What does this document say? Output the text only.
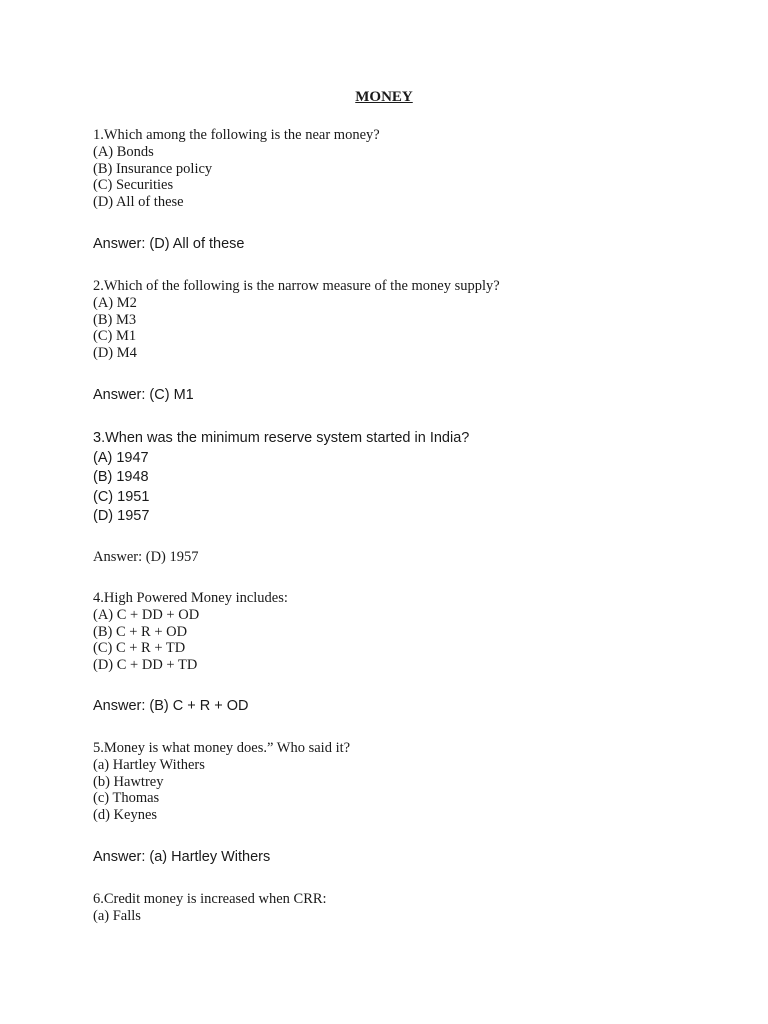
MONEY
1.Which among the following is the near money?
(A) Bonds
(B) Insurance policy
(C) Securities
(D) All of these
Answer: (D) All of these
2.Which of the following is the narrow measure of the money supply?
(A) M2
(B) M3
(C) M1
(D) M4
Answer: (C) M1
3.When was the minimum reserve system started in India?
(A) 1947
(B) 1948
(C) 1951
(D) 1957
Answer: (D) 1957
4.High Powered Money includes:
(A) C + DD + OD
(B) C + R + OD
(C) C + R + TD
(D) C + DD + TD
Answer: (B) C + R + OD
5.Money is what money does.” Who said it?
(a) Hartley Withers
(b) Hawtrey
(c) Thomas
(d) Keynes
Answer: (a) Hartley Withers
6.Credit money is increased when CRR:
(a) Falls
